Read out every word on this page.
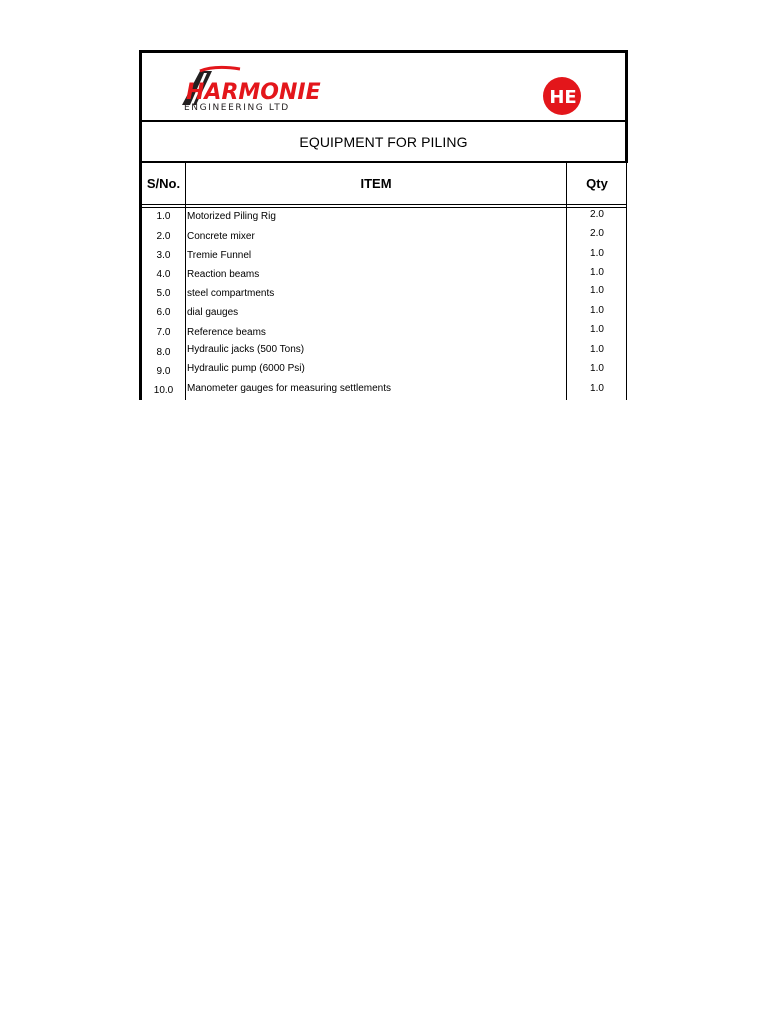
HARMONIE
ENGINEERING LTD	HE
EQUIPMENT FOR PILING
S/No.	ITEM	Qty
1.0	Motorized Piling Rig	2.0
2.0	Concrete mixer	2.0
3.0	Tremie Funnel	1.0
4.0	Reaction beams	1.0
5.0	steel compartments	1.0
6.0	dial gauges	1.0
7.0	Reference beams	1.0
8.0	Hydraulic jacks (500 Tons)	1.0
9.0	Hydraulic pump (6000 Psi)	1.0
10.0	Manometer gauges for measuring settlements	1.0
